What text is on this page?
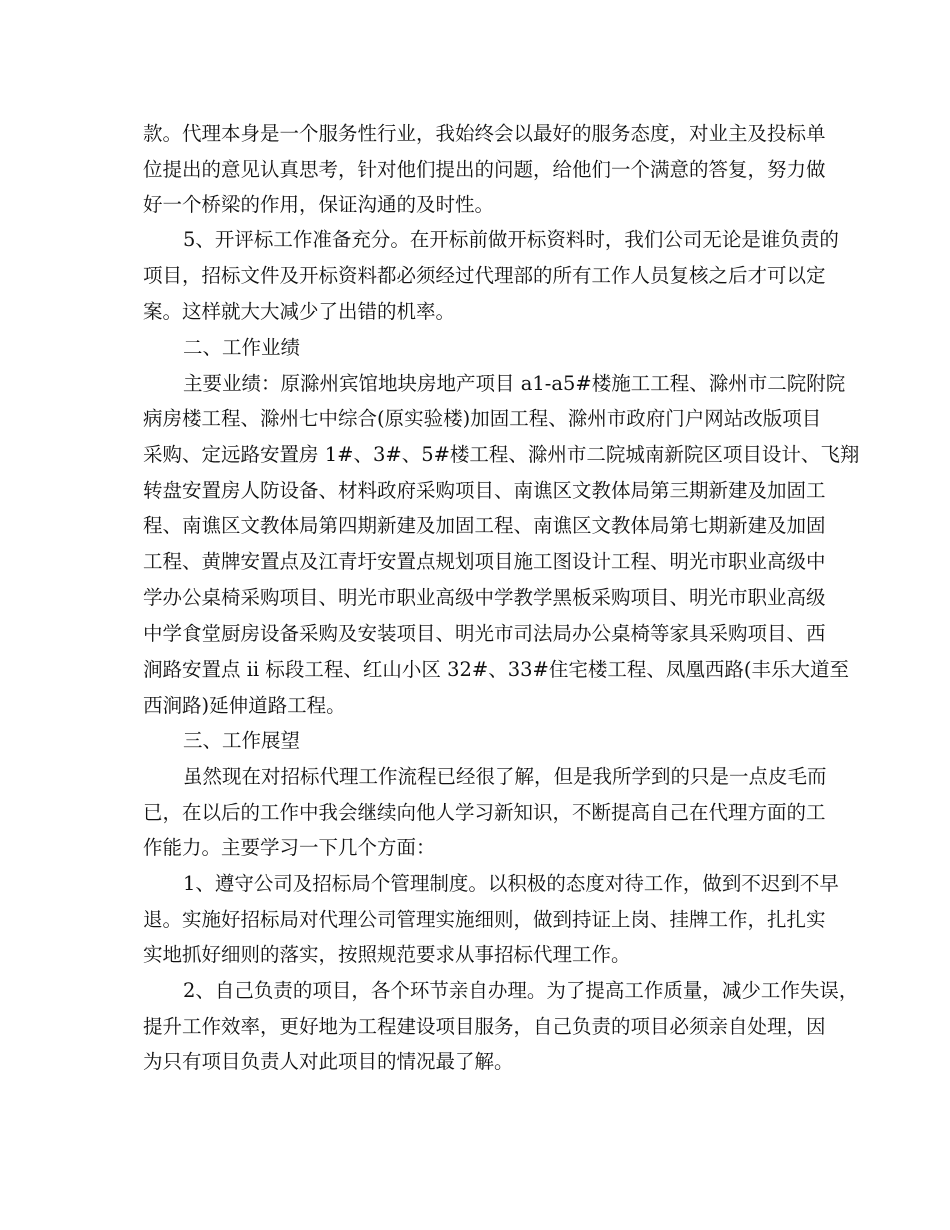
款。代理本身是一个服务性行业，我始终会以最好的服务态度，对业主及投标单
位提出的意见认真思考，针对他们提出的问题，给他们一个满意的答复，努力做
好一个桥梁的作用，保证沟通的及时性。
5、开评标工作准备充分。在开标前做开标资料时，我们公司无论是谁负责的
项目，招标文件及开标资料都必须经过代理部的所有工作人员复核之后才可以定
案。这样就大大减少了出错的机率。
二、工作业绩
主要业绩：原滁州宾馆地块房地产项目 a1-a5#楼施工工程、滁州市二院附院
病房楼工程、滁州七中综合(原实验楼)加固工程、滁州市政府门户网站改版项目
采购、定远路安置房 1#、3#、5#楼工程、滁州市二院城南新院区项目设计、飞翔
转盘安置房人防设备、材料政府采购项目、南谯区文教体局第三期新建及加固工
程、南谯区文教体局第四期新建及加固工程、南谯区文教体局第七期新建及加固
工程、黄牌安置点及江青圩安置点规划项目施工图设计工程、明光市职业高级中
学办公桌椅采购项目、明光市职业高级中学教学黑板采购项目、明光市职业高级
中学食堂厨房设备采购及安装项目、明光市司法局办公桌椅等家具采购项目、西
涧路安置点 ii 标段工程、红山小区 32#、33#住宅楼工程、凤凰西路(丰乐大道至
西涧路)延伸道路工程。
三、工作展望
虽然现在对招标代理工作流程已经很了解，但是我所学到的只是一点皮毛而
已，在以后的工作中我会继续向他人学习新知识，不断提高自己在代理方面的工
作能力。主要学习一下几个方面：
1、遵守公司及招标局个管理制度。以积极的态度对待工作，做到不迟到不早
退。实施好招标局对代理公司管理实施细则，做到持证上岗、挂牌工作，扎扎实
实地抓好细则的落实，按照规范要求从事招标代理工作。
2、自己负责的项目，各个环节亲自办理。为了提高工作质量，减少工作失误，
提升工作效率，更好地为工程建设项目服务，自己负责的项目必须亲自处理，因
为只有项目负责人对此项目的情况最了解。
